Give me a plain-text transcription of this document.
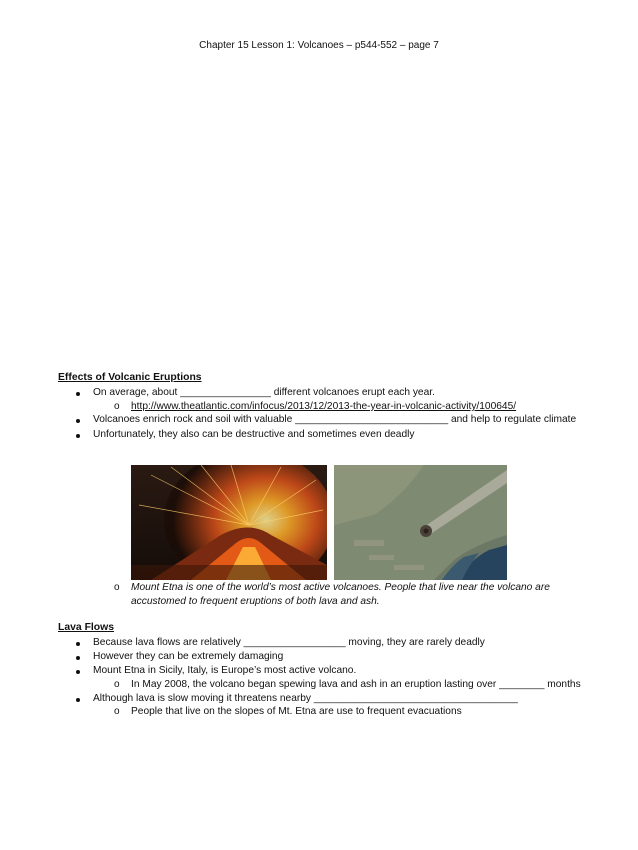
Chapter 15 Lesson 1: Volcanoes – p544-552 – page 7
Effects of Volcanic Eruptions
On average, about ________________ different volcanoes erupt each year.
o http://www.theatlantic.com/infocus/2013/12/2013-the-year-in-volcanic-activity/100645/
Volcanoes enrich rock and soil with valuable ___________________________ and help to regulate climate
Unfortunately, they also can be destructive and sometimes even deadly
o Mount Etna is one of the world’s most active volcanoes. People that live near the volcano are
accustomed to frequent eruptions of both lava and ash.
Lava Flows
Because lava flows are relatively __________________ moving, they are rarely deadly
However they can be extremely damaging
Mount Etna in Sicily, Italy, is Europe’s most active volcano.
o In May 2008, the volcano began spewing lava and ash in an eruption lasting over ________ months
Although lava is slow moving it threatens nearby ____________________________________
o People that live on the slopes of Mt. Etna are use to frequent evacuations
